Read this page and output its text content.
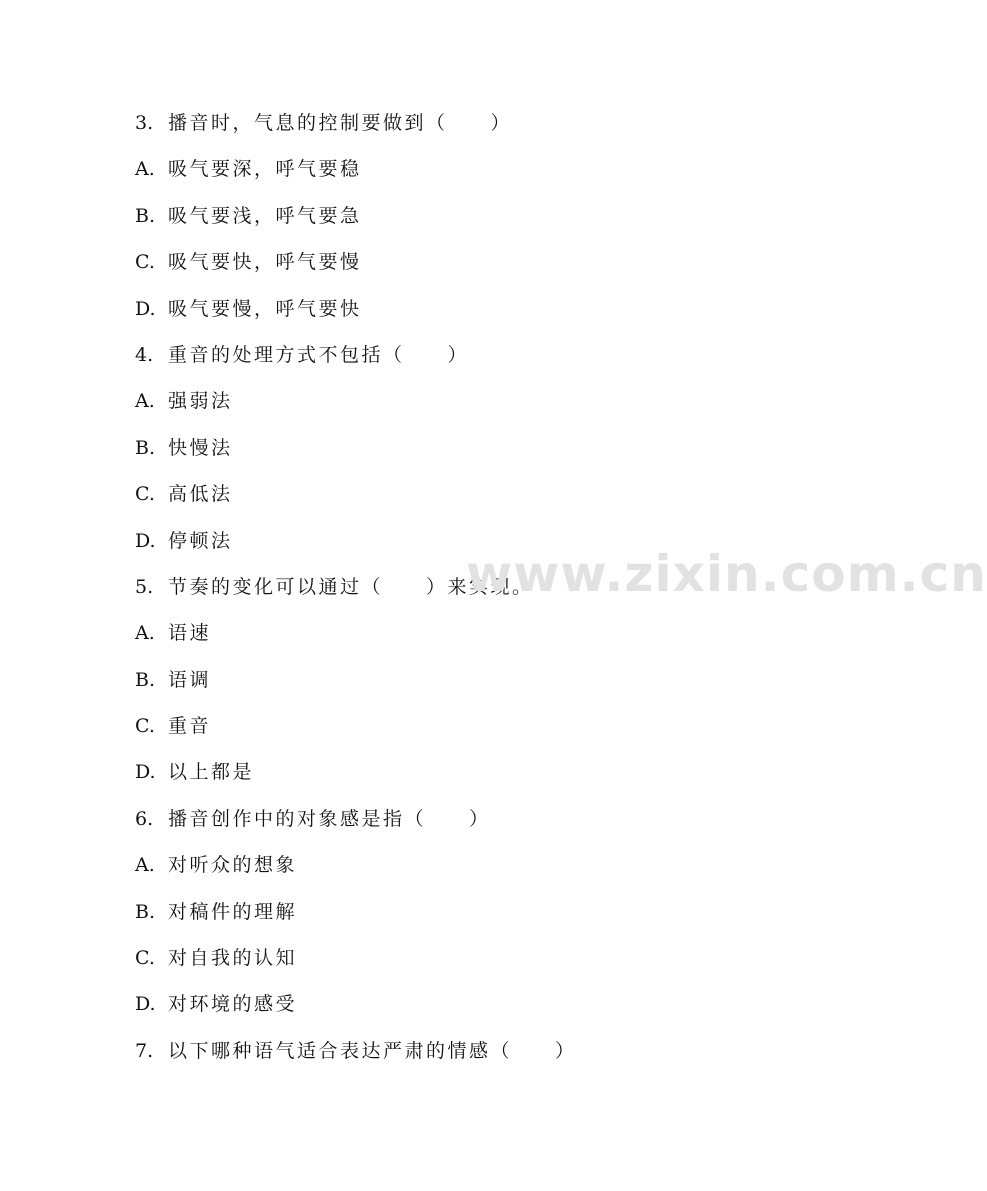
3. 播音时，气息的控制要做到（　　）
A. 吸气要深，呼气要稳
B. 吸气要浅，呼气要急
C. 吸气要快，呼气要慢
D. 吸气要慢，呼气要快
4. 重音的处理方式不包括（　　）
A. 强弱法
B. 快慢法
C. 高低法
D. 停顿法
5. 节奏的变化可以通过（　　）来实现。
A. 语速
B. 语调
C. 重音
D. 以上都是
6. 播音创作中的对象感是指（　　）
A. 对听众的想象
B. 对稿件的理解
C. 对自我的认知
D. 对环境的感受
7. 以下哪种语气适合表达严肃的情感（　　）
www.zixin.com.cn
